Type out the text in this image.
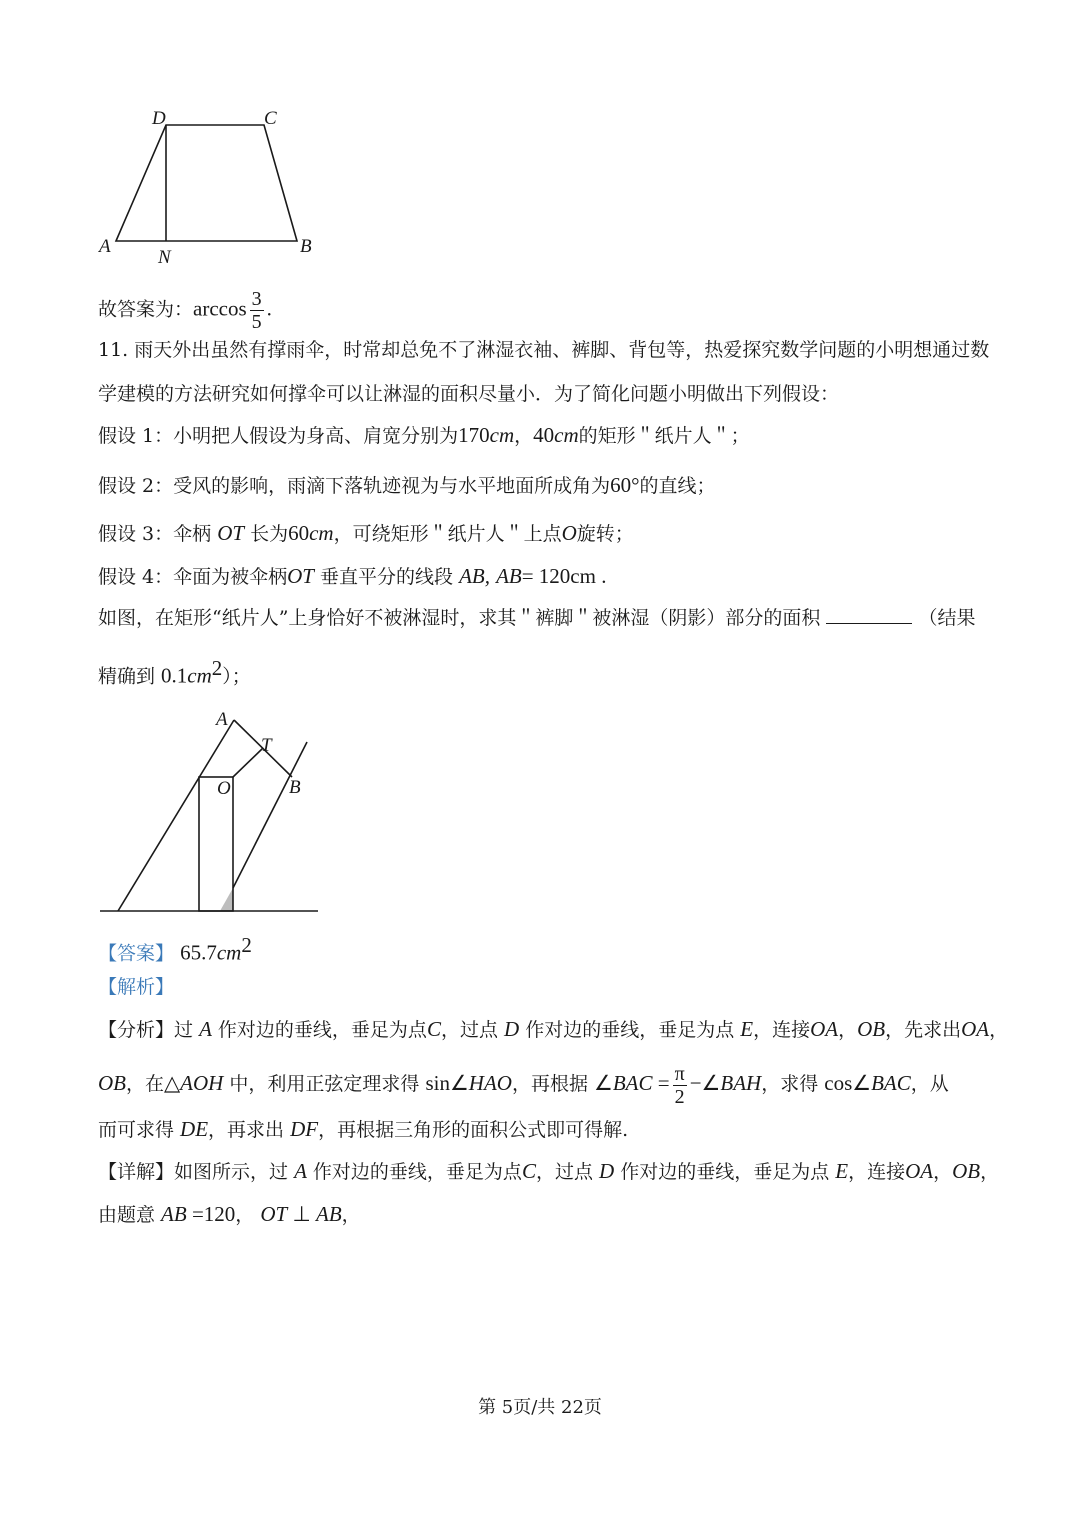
D	C
A
N
B

故答案为：$\arccos \frac{3}{5}$ .

11. 雨天外出虽然有撑雨伞，时常却总免不了淋湿衣袖、裤脚、背包等，热爱探究数学问题的小明想通过数

学建模的方法研究如何撑伞可以让淋湿的面积尽量小．为了简化问题小明做出下列假设：

假设 1：小明把人假设为身高、肩宽分别为170cm，40cm的矩形＂纸片人＂；

假设 2：受风的影响，雨滴下落轨迹视为与水平地面所成角为60°的直线；

假设 3：伞柄 OT 长为60cm，可绕矩形＂纸片人＂上点O旋转；

假设 4：伞面为被伞柄OT 垂直平分的线段 AB, AB= 120cm .

如图，在矩形“纸片人”上身恰好不被淋湿时，求其＂裤脚＂被淋湿（阴影）部分的面积	（结果

精确到 $0.1cm^2$）；

A
T
O	B

【答案】 $65.7cm^2$

【解析】

【分析】过 A 作对边的垂线，垂足为点C，过点 D 作对边的垂线，垂足为点 E，连接OA，OB，先求出OA，

OB，在△AOH 中，利用正弦定理求得 sin∠HAO，再根据 ∠BAC = $\frac{\pi}{2}$ −∠BAH，求得 cos∠BAC，从

而可求得 DE，再求出 DF，再根据三角形的面积公式即可得解.

【详解】如图所示，过 A 作对边的垂线，垂足为点C，过点 D 作对边的垂线，垂足为点 E，连接OA，OB，

由题意 AB =120， OT ⊥ AB，

第 5页/共 22页
